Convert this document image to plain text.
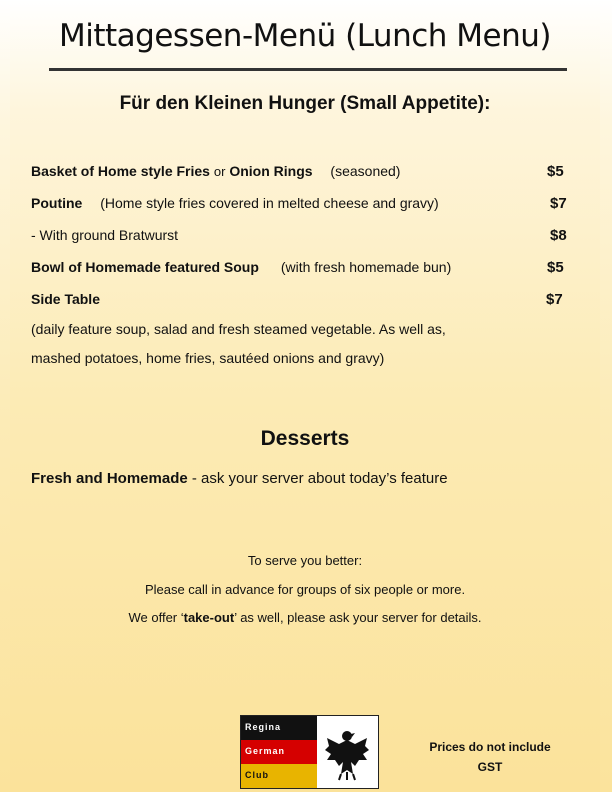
Mittagessen-Menü (Lunch Menu)
Für den Kleinen Hunger (Small Appetite):
Basket of Home style Fries or Onion Rings (seasoned)	$5
Poutine (Home style fries covered in melted cheese and gravy)	$7
- With ground Bratwurst	$8
Bowl of Homemade featured Soup (with fresh homemade bun)	$5
Side Table	$7
(daily feature soup, salad and fresh steamed vegetable. As well as,
mashed potatoes, home fries, sautéed onions and gravy)
Desserts
Fresh and Homemade - ask your server about today’s feature
To serve you better:
Please call in advance for groups of six people or more.
We offer ‘take-out’ as well, please ask your server for details.
Regina
German
Club
Prices do not include
GST
